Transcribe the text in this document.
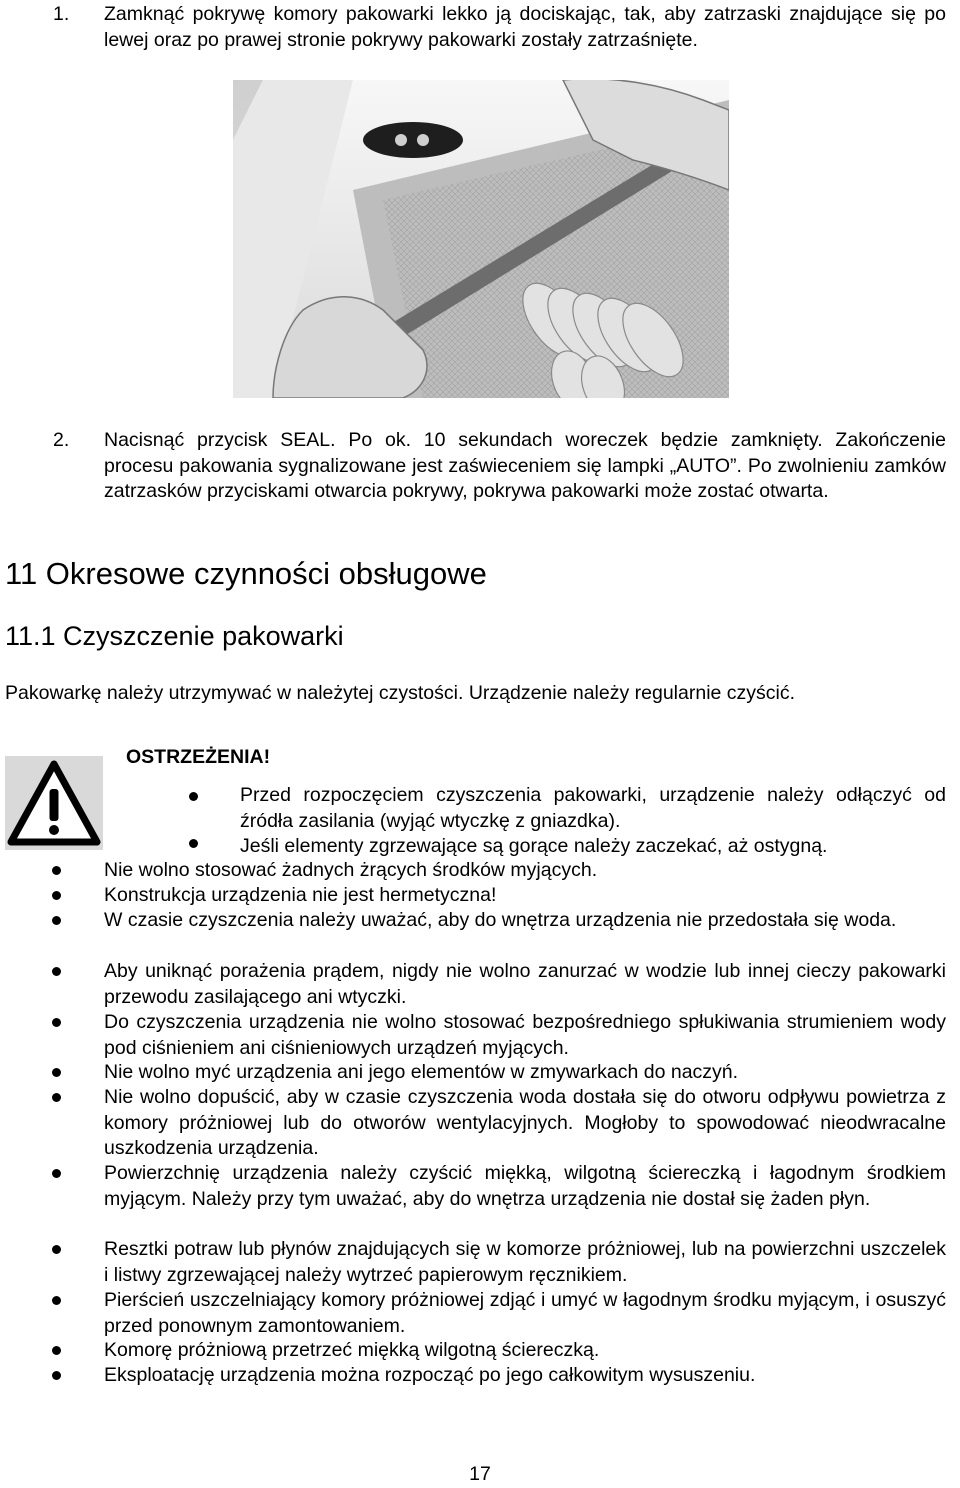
1. Zamknąć pokrywę komory pakowarki lekko ją dociskając, tak, aby zatrzaski znajdujące się po lewej oraz po prawej stronie pokrywy pakowarki zostały zatrzaśnięte.
2. Nacisnąć przycisk SEAL. Po ok. 10 sekundach woreczek będzie zamknięty. Zakończenie procesu pakowania sygnalizowane jest zaświeceniem się lampki „AUTO”. Po zwolnieniu zamków zatrzasków przyciskami otwarcia pokrywy, pokrywa pakowarki może zostać otwarta.
11 Okresowe czynności obsługowe
11.1 Czyszczenie pakowarki
Pakowarkę należy utrzymywać w należytej czystości. Urządzenie należy regularnie czyścić.
OSTRZEŻENIA!
Przed rozpoczęciem czyszczenia pakowarki, urządzenie należy odłączyć od źródła zasilania (wyjąć wtyczkę z gniazdka).
Jeśli elementy zgrzewające są gorące należy zaczekać, aż ostygną.
Nie wolno stosować żadnych żrących środków myjących.
Konstrukcja urządzenia nie jest hermetyczna!
W czasie czyszczenia należy uważać, aby do wnętrza urządzenia nie przedostała się woda.
Aby uniknąć porażenia prądem, nigdy nie wolno zanurzać w wodzie lub innej cieczy pakowarki przewodu zasilającego ani wtyczki.
Do czyszczenia urządzenia nie wolno stosować bezpośredniego spłukiwania strumieniem wody pod ciśnieniem ani ciśnieniowych urządzeń myjących.
Nie wolno myć urządzenia ani jego elementów w zmywarkach do naczyń.
Nie wolno dopuścić, aby w czasie czyszczenia woda dostała się do otworu odpływu powietrza z komory próżniowej lub do otworów wentylacyjnych. Mogłoby to spowodować nieodwracalne uszkodzenia urządzenia.
Powierzchnię urządzenia należy czyścić miękką, wilgotną ściereczką i łagodnym środkiem myjącym. Należy przy tym uważać, aby do wnętrza urządzenia nie dostał się żaden płyn.
Resztki potraw lub płynów znajdujących się w komorze próżniowej, lub na powierzchni uszczelek i listwy zgrzewającej należy wytrzeć papierowym ręcznikiem.
Pierścień uszczelniający komory próżniowej zdjąć i umyć w łagodnym środku myjącym, i osuszyć przed ponownym zamontowaniem.
Komorę próżniową przetrzeć miękką wilgotną ściereczką.
Eksploatację urządzenia można rozpocząć po jego całkowitym wysuszeniu.
17
